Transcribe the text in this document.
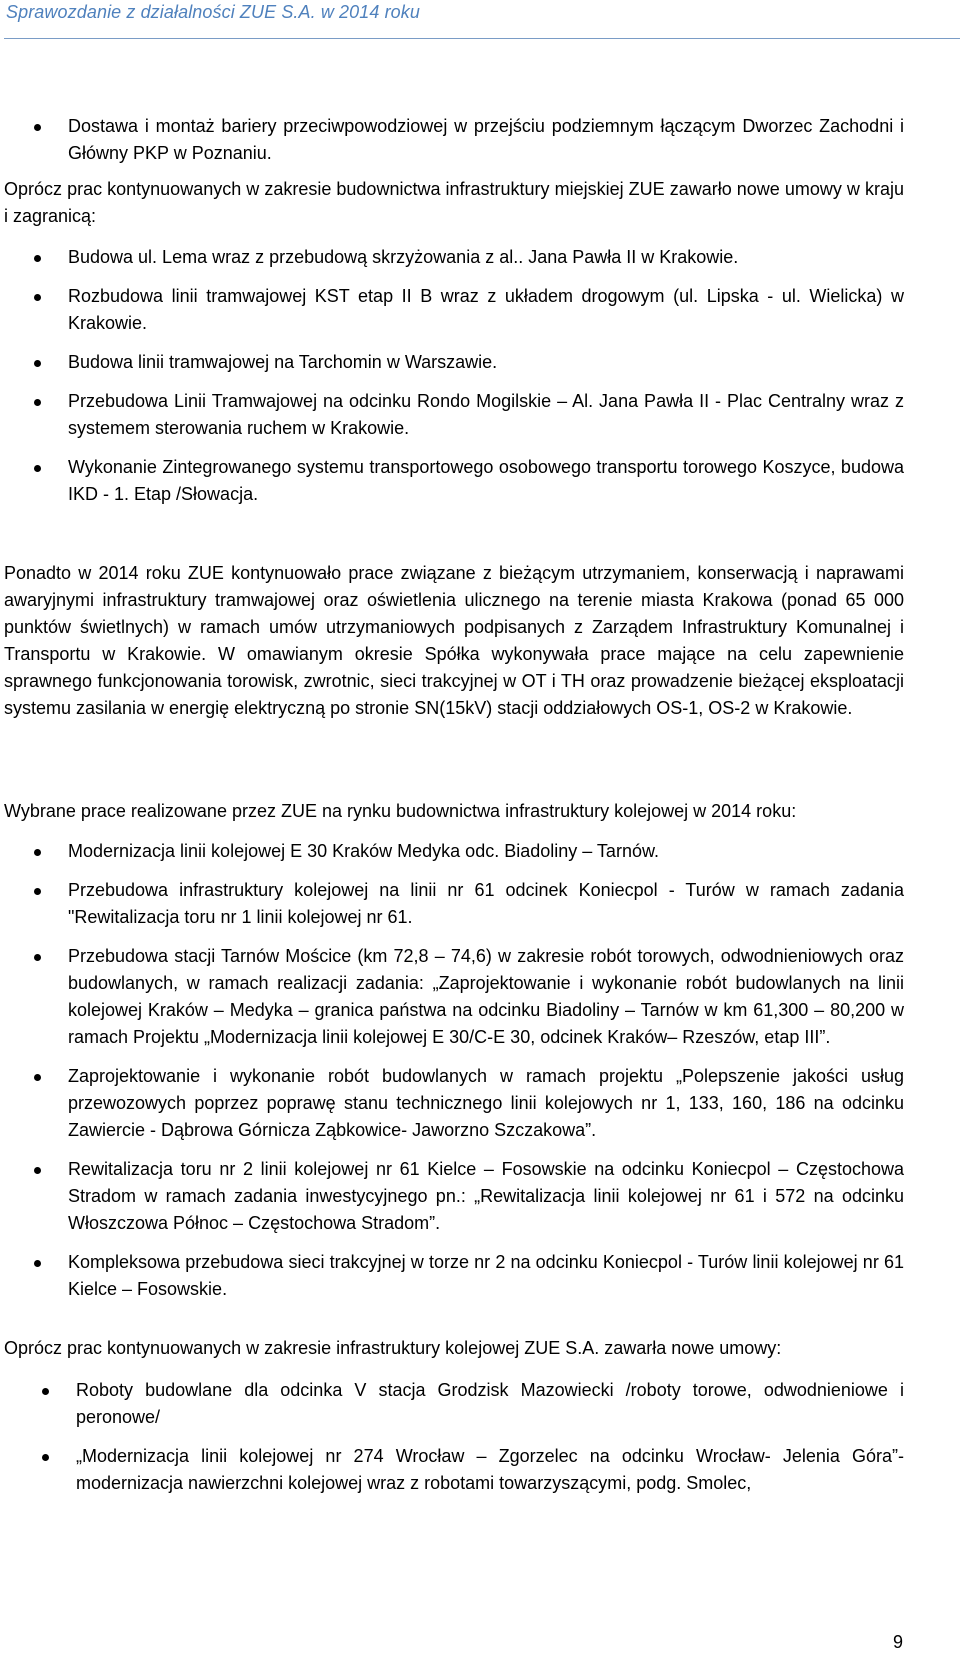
Sprawozdanie z działalności ZUE S.A. w 2014 roku
Dostawa i montaż bariery przeciwpowodziowej w przejściu podziemnym łączącym Dworzec Zachodni i Główny PKP w Poznaniu.

Oprócz prac kontynuowanych w zakresie budownictwa infrastruktury miejskiej ZUE zawarło nowe umowy w kraju i zagranicą:

Budowa ul. Lema wraz z przebudową skrzyżowania z al.. Jana Pawła II w Krakowie.
Rozbudowa linii tramwajowej KST etap II B wraz z układem drogowym (ul. Lipska - ul. Wielicka) w Krakowie.
Budowa linii tramwajowej na Tarchomin w Warszawie.
Przebudowa Linii Tramwajowej na odcinku Rondo Mogilskie – Al. Jana Pawła II - Plac Centralny wraz z systemem sterowania ruchem w Krakowie.
Wykonanie Zintegrowanego systemu transportowego osobowego transportu torowego Koszyce, budowa IKD - 1. Etap /Słowacja.

Ponadto w 2014 roku ZUE kontynuowało prace związane z bieżącym utrzymaniem, konserwacją i naprawami awaryjnymi infrastruktury tramwajowej oraz oświetlenia ulicznego na terenie miasta Krakowa (ponad 65 000 punktów świetlnych) w ramach umów utrzymaniowych podpisanych z Zarządem Infrastruktury Komunalnej i Transportu w Krakowie. W omawianym okresie Spółka wykonywała prace mające na celu zapewnienie sprawnego funkcjonowania torowisk, zwrotnic, sieci trakcyjnej w OT i TH oraz prowadzenie bieżącej eksploatacji systemu zasilania w energię elektryczną po stronie SN(15kV) stacji oddziałowych OS-1, OS-2 w Krakowie.

Wybrane prace realizowane przez ZUE na rynku budownictwa infrastruktury kolejowej w 2014 roku:

Modernizacja linii kolejowej E 30 Kraków Medyka odc. Biadoliny – Tarnów.
Przebudowa infrastruktury kolejowej na linii nr 61 odcinek Koniecpol - Turów w ramach zadania "Rewitalizacja toru nr 1 linii kolejowej nr 61.
Przebudowa stacji Tarnów Mościce (km 72,8 – 74,6) w zakresie robót torowych, odwodnieniowych oraz budowlanych, w ramach realizacji zadania: „Zaprojektowanie i wykonanie robót budowlanych na linii kolejowej Kraków – Medyka – granica państwa na odcinku Biadoliny – Tarnów w km 61,300 – 80,200 w ramach Projektu „Modernizacja linii kolejowej E 30/C-E 30, odcinek Kraków– Rzeszów, etap III”.
Zaprojektowanie i wykonanie robót budowlanych w ramach projektu „Polepszenie jakości usług przewozowych poprzez poprawę stanu technicznego linii kolejowych nr 1, 133, 160, 186 na odcinku Zawiercie - Dąbrowa Górnicza Ząbkowice- Jaworzno Szczakowa”.
Rewitalizacja toru nr 2 linii kolejowej nr 61 Kielce – Fosowskie na odcinku Koniecpol – Częstochowa Stradom w ramach zadania inwestycyjnego pn.: „Rewitalizacja linii kolejowej nr 61 i 572 na odcinku Włoszczowa Północ – Częstochowa Stradom”.
Kompleksowa przebudowa sieci trakcyjnej w torze nr 2 na odcinku Koniecpol - Turów linii kolejowej nr 61 Kielce – Fosowskie.

Oprócz prac kontynuowanych w zakresie infrastruktury kolejowej ZUE S.A. zawarła nowe umowy:

Roboty budowlane dla odcinka V stacja Grodzisk Mazowiecki /roboty torowe, odwodnieniowe i peronowe/
„Modernizacja linii kolejowej nr 274 Wrocław – Zgorzelec na odcinku Wrocław- Jelenia Góra”- modernizacja nawierzchni kolejowej wraz z robotami towarzyszącymi, podg. Smolec,
9
